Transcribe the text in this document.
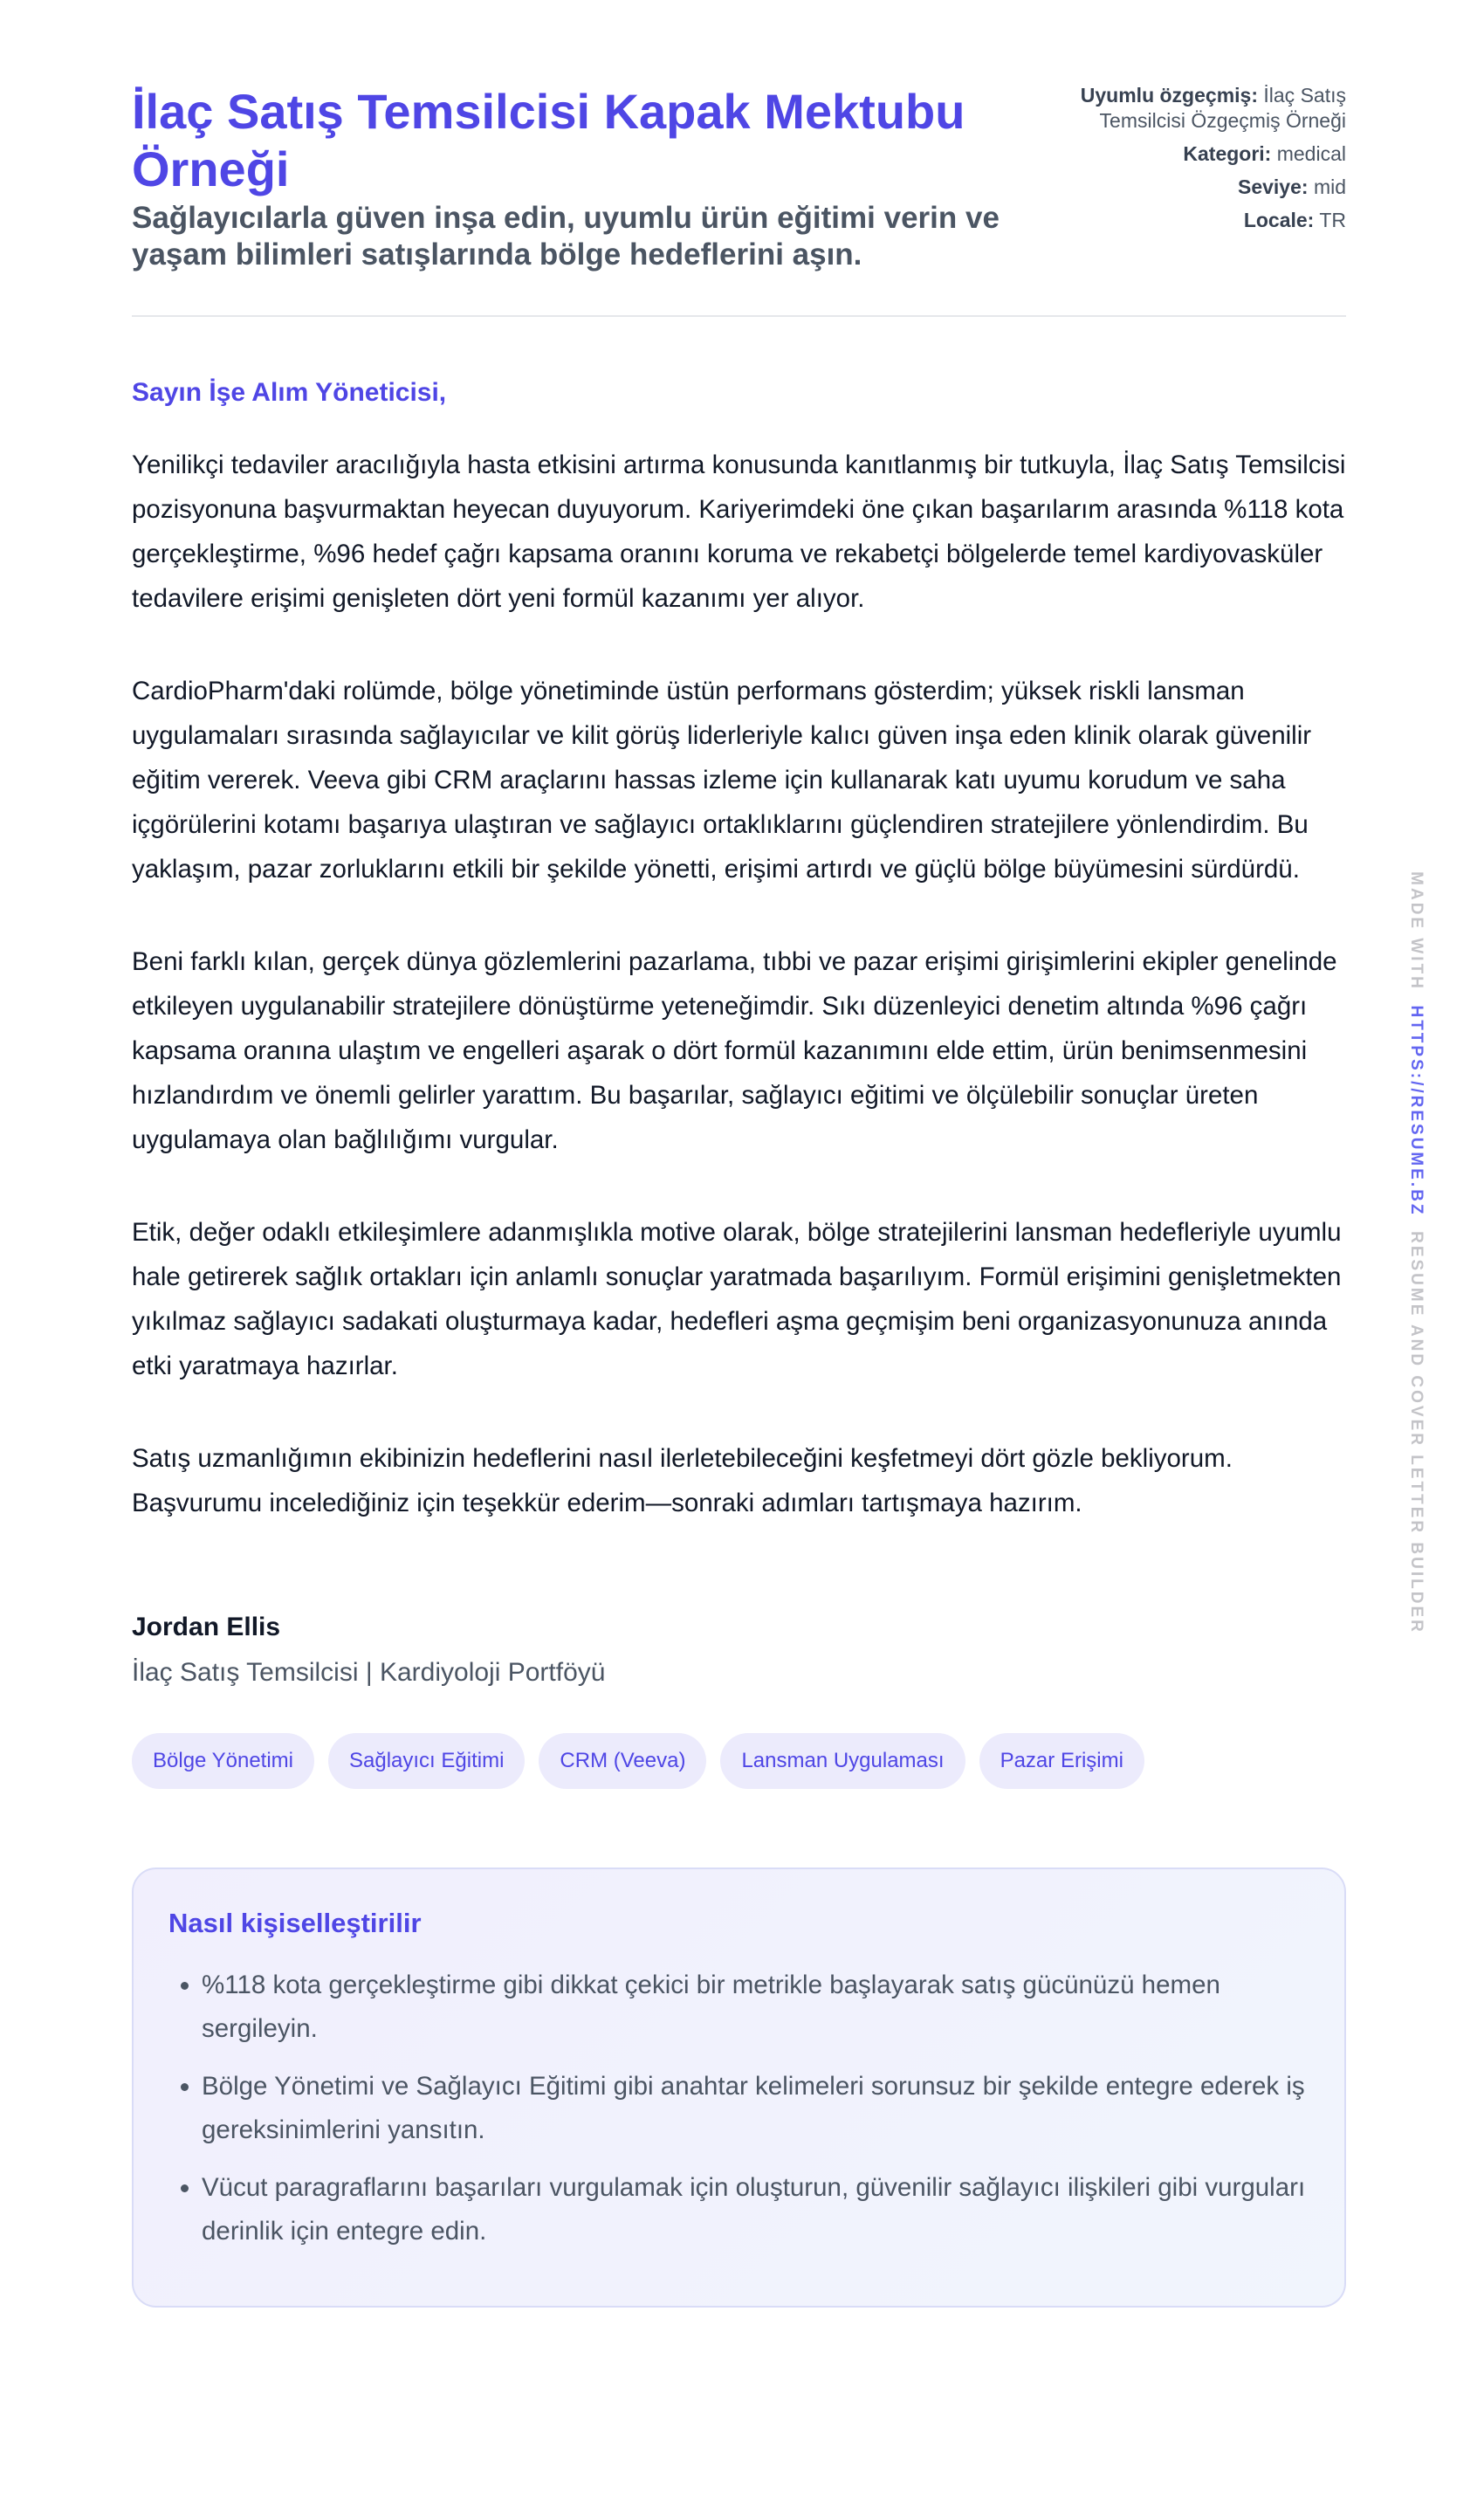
İlaç Satış Temsilcisi Kapak Mektubu Örneği
Sağlayıcılarla güven inşa edin, uyumlu ürün eğitimi verin ve yaşam bilimleri satışlarında bölge hedeflerini aşın.
Uyumlu özgeçmiş: İlaç Satış Temsilcisi Özgeçmiş Örneği
Kategori: medical
Seviye: mid
Locale: TR
Sayın İşe Alım Yöneticisi,

Yenilikçi tedaviler aracılığıyla hasta etkisini artırma konusunda kanıtlanmış bir tutkuyla, İlaç Satış Temsilcisi pozisyonuna başvurmaktan heyecan duyuyorum. Kariyerimdeki öne çıkan başarılarım arasında %118 kota gerçekleştirme, %96 hedef çağrı kapsama oranını koruma ve rekabetçi bölgelerde temel kardiyovasküler tedavilere erişimi genişleten dört yeni formül kazanımı yer alıyor.

CardioPharm'daki rolümde, bölge yönetiminde üstün performans gösterdim; yüksek riskli lansman uygulamaları sırasında sağlayıcılar ve kilit görüş liderleriyle kalıcı güven inşa eden klinik olarak güvenilir eğitim vererek. Veeva gibi CRM araçlarını hassas izleme için kullanarak katı uyumu korudum ve saha içgörülerini kotamı başarıya ulaştıran ve sağlayıcı ortaklıklarını güçlendiren stratejilere yönlendirdim. Bu yaklaşım, pazar zorluklarını etkili bir şekilde yönetti, erişimi artırdı ve güçlü bölge büyümesini sürdürdü.

Beni farklı kılan, gerçek dünya gözlemlerini pazarlama, tıbbi ve pazar erişimi girişimlerini ekipler genelinde etkileyen uygulanabilir stratejilere dönüştürme yeteneğimdir. Sıkı düzenleyici denetim altında %96 çağrı kapsama oranına ulaştım ve engelleri aşarak o dört formül kazanımını elde ettim, ürün benimsenmesini hızlandırdım ve önemli gelirler yarattım. Bu başarılar, sağlayıcı eğitimi ve ölçülebilir sonuçlar üreten uygulamaya olan bağlılığımı vurgular.

Etik, değer odaklı etkileşimlere adanmışlıkla motive olarak, bölge stratejilerini lansman hedefleriyle uyumlu hale getirerek sağlık ortakları için anlamlı sonuçlar yaratmada başarılıyım. Formül erişimini genişletmekten yıkılmaz sağlayıcı sadakati oluşturmaya kadar, hedefleri aşma geçmişim beni organizasyonunuza anında etki yaratmaya hazırlar.

Satış uzmanlığımın ekibinizin hedeflerini nasıl ilerletebileceğini keşfetmeyi dört gözle bekliyorum. Başvurumu incelediğiniz için teşekkür ederim—sonraki adımları tartışmaya hazırım.

Jordan Ellis
İlaç Satış Temsilcisi | Kardiyoloji Portföyü
Bölge Yönetimi	Sağlayıcı Eğitimi	CRM (Veeva)	Lansman Uygulaması	Pazar Erişimi
Nasıl kişiselleştirilir
• %118 kota gerçekleştirme gibi dikkat çekici bir metrikle başlayarak satış gücünüzü hemen sergileyin.
• Bölge Yönetimi ve Sağlayıcı Eğitimi gibi anahtar kelimeleri sorunsuz bir şekilde entegre ederek iş gereksinimlerini yansıtın.
• Vücut paragraflarını başarıları vurgulamak için oluşturun, güvenilir sağlayıcı ilişkileri gibi vurguları derinlik için entegre edin.
MADE WITH  HTTPS://RESUME.BZ  RESUME AND COVER LETTER BUILDER
